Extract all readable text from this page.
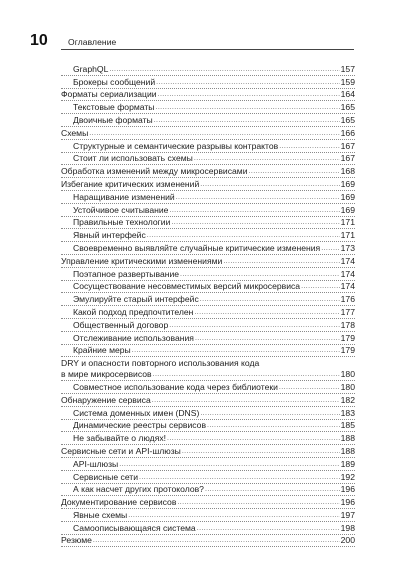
10	Оглавление
GraphQL .....	157
Брокеры сообщений .....	159
Форматы сериализации .....	164
Текстовые форматы .....	165
Двоичные форматы .....	165
Схемы .....	166
Структурные и семантические разрывы контрактов .....	167
Стоит ли использовать схемы .....	167
Обработка изменений между микросервисами .....	168
Избегание критических изменений .....	169
Наращивание изменений .....	169
Устойчивое считывание .....	169
Правильные технологии .....	171
Явный интерфейс .....	171
Своевременно выявляйте случайные критические изменения ..... 173
Управление критическими изменениями .....	174
Поэтапное развертывание .....	174
Сосуществование несовместимых версий микросервиса .....	174
Эмулируйте старый интерфейс .....	176
Какой подход предпочтителен .....	177
Общественный договор .....	178
Отслеживание использования .....	179
Крайние меры .....	179
DRY и опасности повторного использования кода
в мире микросервисов .....	180
Совместное использование кода через библиотеки .....	180
Обнаружение сервиса .....	182
Система доменных имен (DNS) .....	183
Динамические реестры сервисов .....	185
Не забывайте о людях! .....	188
Сервисные сети и API-шлюзы .....	188
API-шлюзы .....	189
Сервисные сети .....	192
А как насчет других протоколов? .....	196
Документирование сервисов .....	196
Явные схемы .....	197
Самоописывающаяся система .....	198
Резюме .....	200
